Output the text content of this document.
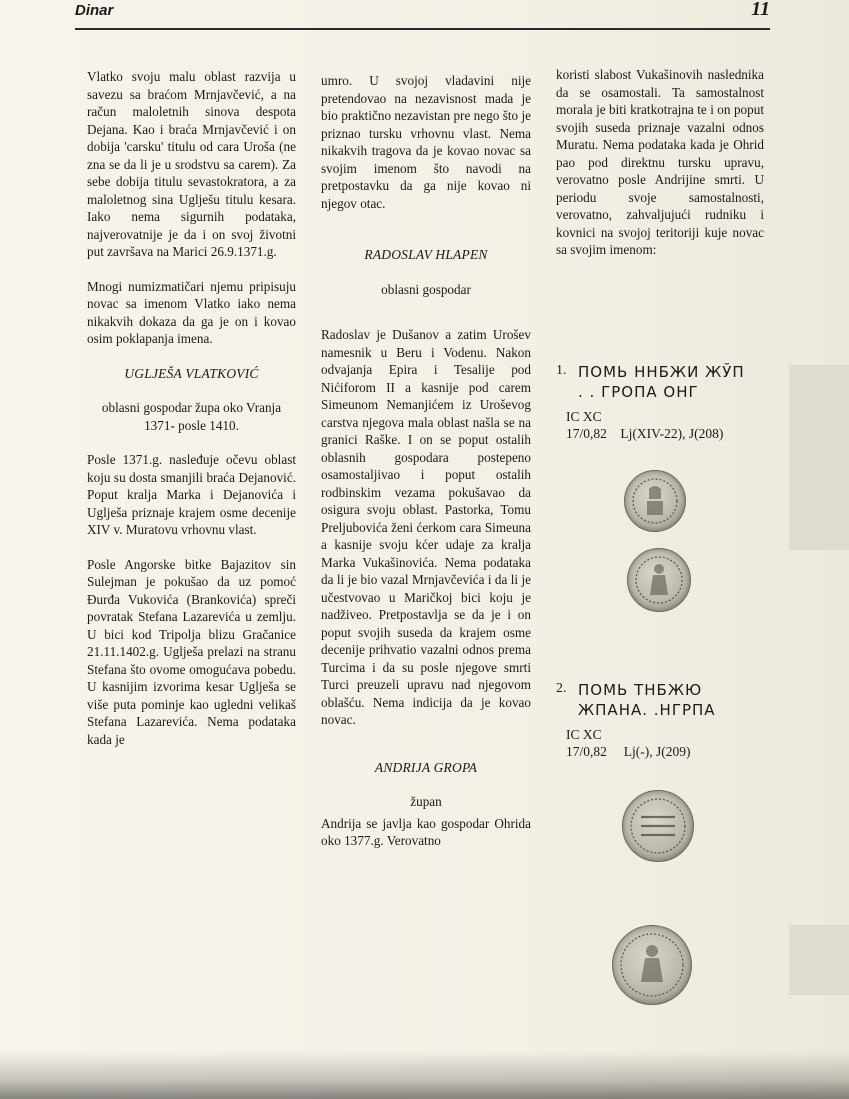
Dinar	11

Vlatko svoju malu oblast razvija u savezu sa braćom Mrnjavčević, a na račun maloletnih sinova despota Dejana. Kao i braća Mrnjavčević i on dobija 'carsku' titulu od cara Uroša (ne zna se da li je u srodstvu sa carem). Za sebe dobija titulu sevastokratora, a za maloletnog sina Uglješu titulu kesara. Iako nema sigurnih podataka, najverovatnije je da i on svoj životni put završava na Marici 26.9.1371.g.

Mnogi numizmatičari njemu pripisuju novac sa imenom Vlatko iako nema nikakvih dokaza da ga je on i kovao osim poklapanja imena.

UGLJEŠA VLATKOVIĆ

oblasni gospodar župa oko Vranja 1371- posle 1410.

Posle 1371.g. nasleđuje očevu oblast koju su dosta smanjili braća Dejanović. Poput kralja Marka i Dejanovića i Uglješa priznaje krajem osme decenije XIV v. Muratovu vrhovnu vlast.

Posle Angorske bitke Bajazitov sin Sulejman je pokušao da uz pomoć Đurđa Vukovića (Brankovića) spreči povratak Stefana Lazarevića u zemlju. U bici kod Tripolja blizu Gračanice 21.11.1402.g. Uglješa prelazi na stranu Stefana što ovome omogućava pobedu. U kasnijim izvorima kesar Uglješa se više puta pominje kao ugledni velikaš Stefana Lazarevića. Nema podataka kada je

umro. U svojoj vladavini nije pretendovao na nezavisnost mada je bio praktično nezavistan pre nego što je priznao tursku vrhovnu vlast. Nema nikakvih tragova da je kovao novac sa svojim imenom što navodi na pretpostavku da ga nije kovao ni njegov otac.

RADOSLAV HLAPEN

oblasni gospodar

Radoslav je Dušanov a zatim Urošev namesnik u Beru i Vodenu. Nakon odvajanja Epira i Tesalije pod Nićiforom II a kasnije pod carem Simeunom Nemanjićem iz Uroševog carstva njegova mala oblast našla se na granici Raške. I on se poput ostalih oblasnih gospodara postepeno osamostaljivao i poput ostalih rodbinskim vezama pokušavao da osigura svoju oblast. Pastorka, Tomu Preljubovića ženi ćerkom cara Simeuna a kasnije svoju kćer udaje za kralja Marka Vukašinovića. Nema podataka da li je bio vazal Mrnjavčevića i da li je učestvovao u Maričkoj bici koju je nadživeo. Pretpostavlja se da je i on poput svojih susedа da krajem osme decenije prihvatio vazalni odnos prema Turcima i da su posle njegove smrti Turci preuzeli upravu nad njegovom oblašću. Nema indicija da je kovao novac.

ANDRIJA GROPA

župan

Andrija se javlja kao gospodar Ohrida oko 1377.g. Verovatno

koristi slabost Vukašinovih naslednika da se osamostali. Ta samostalnost morala je biti kratkotrajna te i on poput svojih suseda priznaje vazalni odnos Muratu. Nema podataka kada je Ohrid pao pod direktnu tursku upravu, verovatno posle Andrijine smrti. U periodu svoje samostalnosti, verovatno, zahvaljujući rudniku i kovnici na svojoj teritoriji kuje novac sa svojim imenom:

1. ПОМЬ НΗБЖИ ЖЎП
. . ГРОПА ОНГ
IC XC
17/0,82 Lj(XIV-22), J(208)
2. ПОМЬ ТНБЖЮ
ЖПАНА. .НГРПА
IC XC
17/0,82 Lj(-), J(209)
